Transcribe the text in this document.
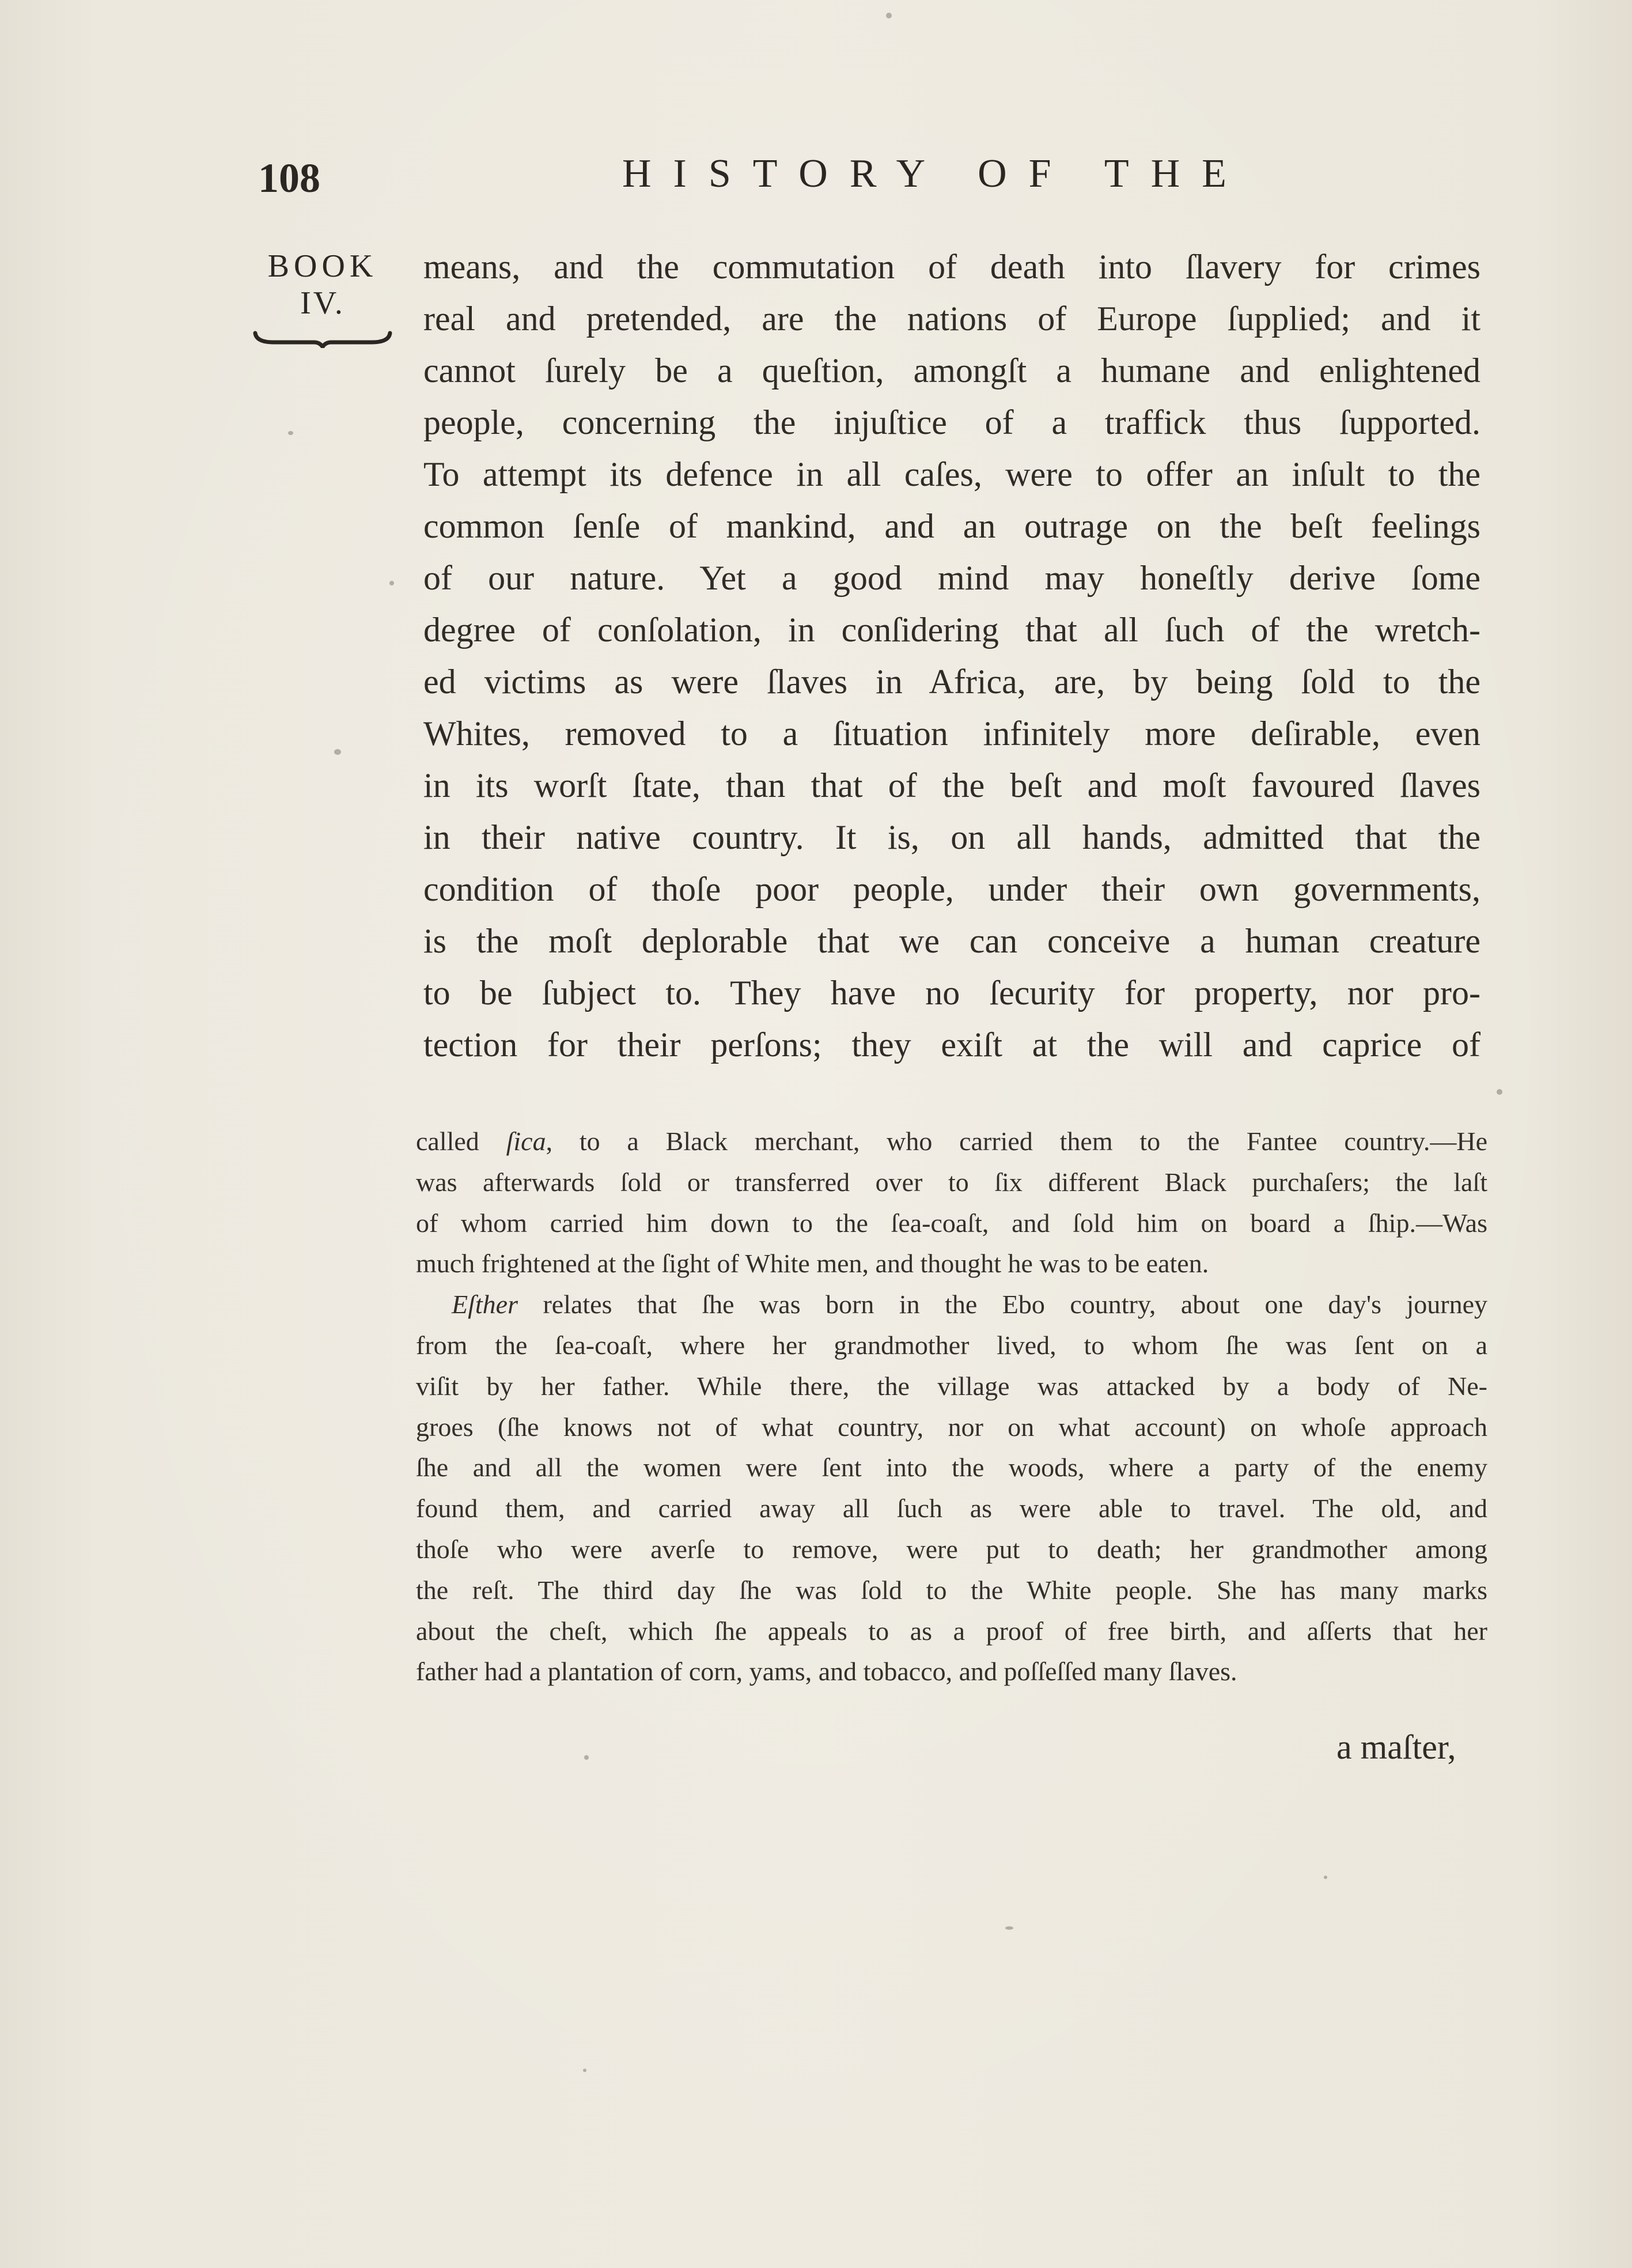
108	HISTORY OF THE
BOOK
IV.
means, and the commutation of death into ſlavery for crimes
real and pretended, are the nations of Europe ſupplied; and it
cannot ſurely be a queſtion, amongſt a humane and enlightened
people, concerning the injuſtice of a traffick thus ſupported.
To attempt its defence in all caſes, were to offer an inſult to the
common ſenſe of mankind, and an outrage on the beſt feelings
of our nature. Yet a good mind may honeſtly derive ſome
degree of conſolation, in conſidering that all ſuch of the wretch-
ed victims as were ſlaves in Africa, are, by being ſold to the
Whites, removed to a ſituation infinitely more deſirable, even
in its worſt ſtate, than that of the beſt and moſt favoured ſlaves
in their native country. It is, on all hands, admitted that the
condition of thoſe poor people, under their own governments,
is the moſt deplorable that we can conceive a human creature
to be ſubject to. They have no ſecurity for property, nor pro-
tection for their perſons; they exiſt at the will and caprice of
called ſica, to a Black merchant, who carried them to the Fantee country.—He
was afterwards ſold or transferred over to ſix different Black purchaſers; the laſt
of whom carried him down to the ſea-coaſt, and ſold him on board a ſhip.—Was
much frightened at the ſight of White men, and thought he was to be eaten.
Eſther relates that ſhe was born in the Ebo country, about one day's journey
from the ſea-coaſt, where her grandmother lived, to whom ſhe was ſent on a
viſit by her father. While there, the village was attacked by a body of Ne-
groes (ſhe knows not of what country, nor on what account) on whoſe approach
ſhe and all the women were ſent into the woods, where a party of the enemy
found them, and carried away all ſuch as were able to travel. The old, and
thoſe who were averſe to remove, were put to death; her grandmother among
the reſt. The third day ſhe was ſold to the White people. She has many marks
about the cheſt, which ſhe appeals to as a proof of free birth, and aſſerts that her
father had a plantation of corn, yams, and tobacco, and poſſeſſed many ſlaves.
a maſter,
